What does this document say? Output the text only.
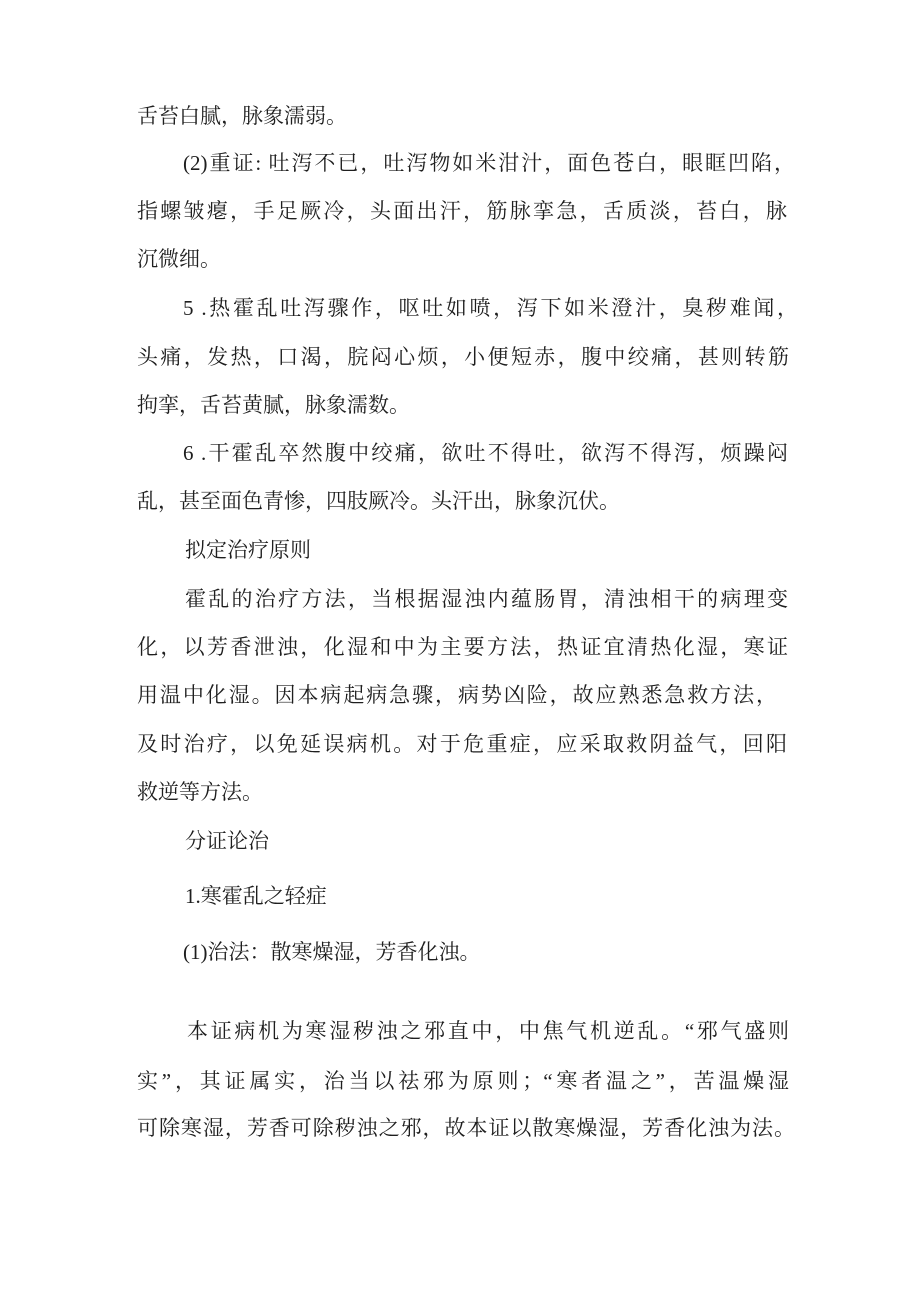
舌苔白腻，脉象濡弱。
(2)重证: 吐泻不已，吐泻物如米泔汁，面色苍白，眼眶凹陷，
指螺皱瘪，手足厥冷，头面出汗，筋脉挛急，舌质淡，苔白，脉
沉微细。
5 .热霍乱吐泻骤作，呕吐如喷，泻下如米澄汁，臭秽难闻，
头痛，发热，口渴，脘闷心烦，小便短赤，腹中绞痛，甚则转筋
拘挛，舌苔黄腻，脉象濡数。
6 .干霍乱卒然腹中绞痛，欲吐不得吐，欲泻不得泻，烦躁闷
乱，甚至面色青惨，四肢厥冷。头汗出，脉象沉伏。
拟定治疗原则
霍乱的治疗方法，当根据湿浊内蕴肠胃，清浊相干的病理变
化，以芳香泄浊，化湿和中为主要方法，热证宜清热化湿，寒证
用温中化湿。因本病起病急骤，病势凶险，故应熟悉急救方法，
及时治疗，以免延误病机。对于危重症，应采取救阴益气，回阳
救逆等方法。
分证论治
1.寒霍乱之轻症
(1)治法：散寒燥湿，芳香化浊。
本证病机为寒湿秽浊之邪直中，中焦气机逆乱。“邪气盛则
实”，其证属实，治当以祛邪为原则；“寒者温之”，苦温燥湿
可除寒湿，芳香可除秽浊之邪，故本证以散寒燥湿，芳香化浊为法。
